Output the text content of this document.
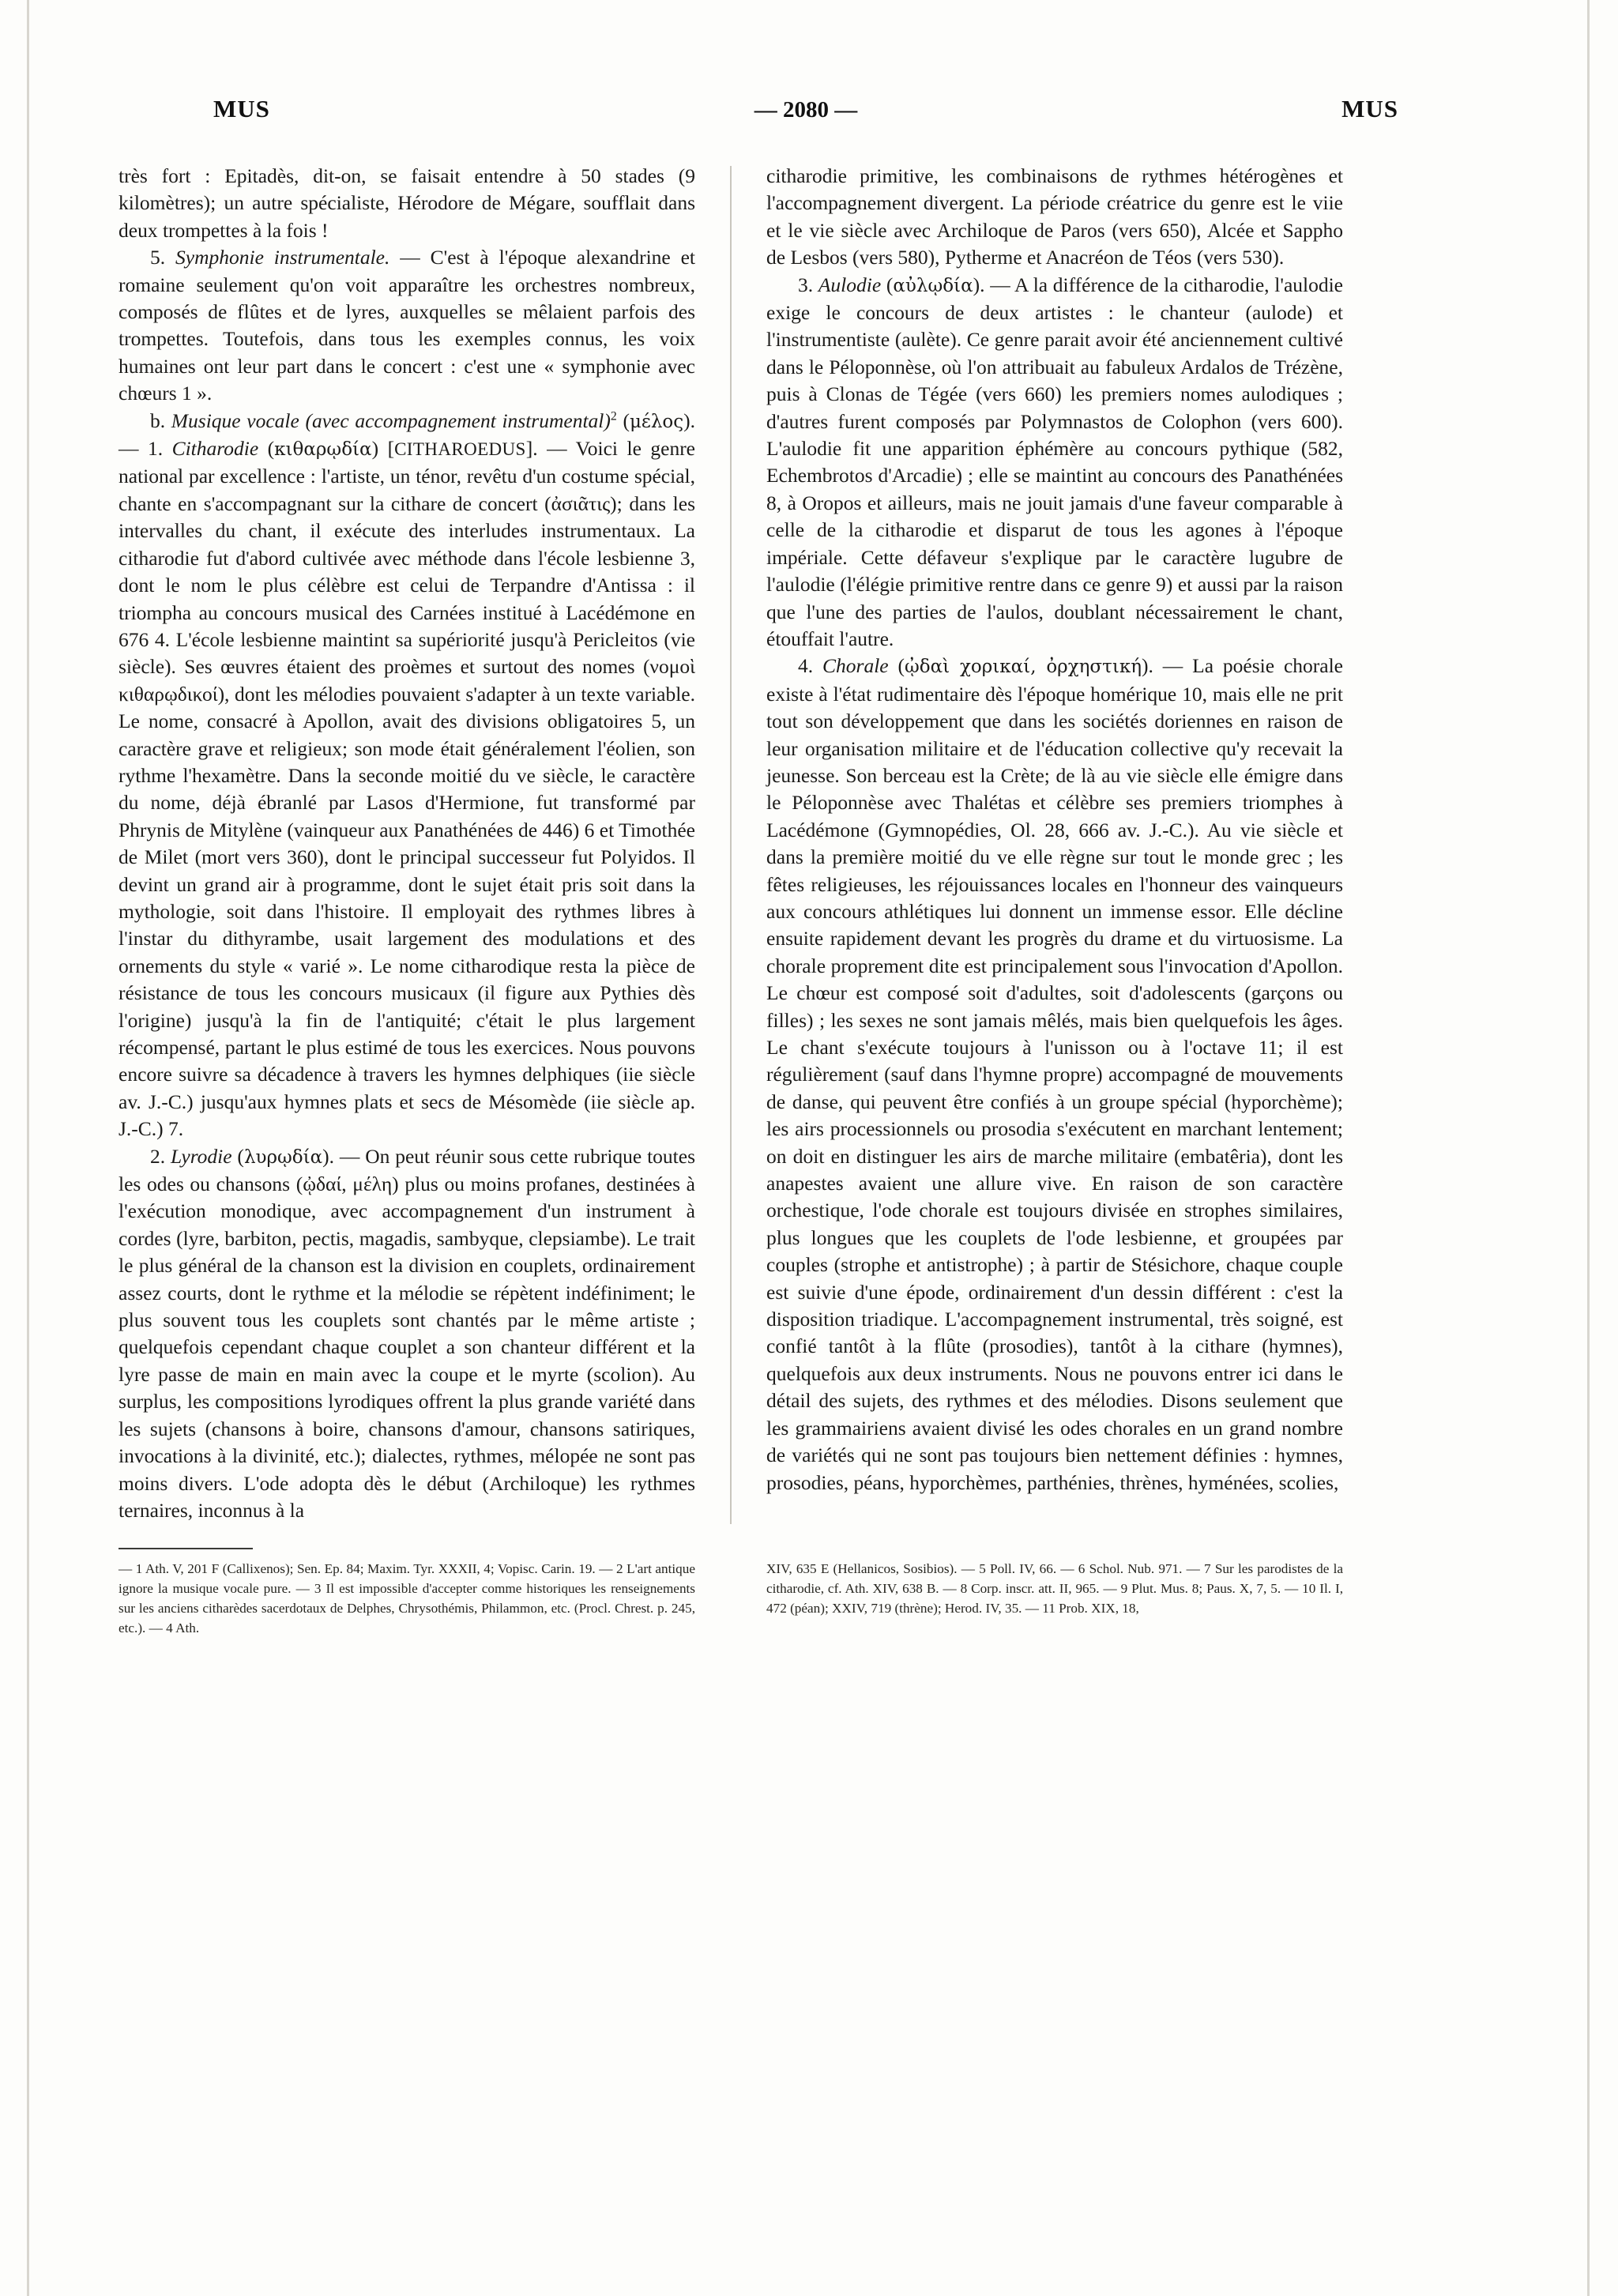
MUS	— 2080 —	MUS

très fort : Epitadès, dit-on, se faisait entendre à 50 stades (9 kilomètres); un autre spécialiste, Hérodore de Mégare, soufflait dans deux trompettes à la fois !

5. Symphonie instrumentale. — C'est à l'époque alexandrine et romaine seulement qu'on voit apparaître les orchestres nombreux, composés de flûtes et de lyres, auxquelles se mêlaient parfois des trompettes. Toutefois, dans tous les exemples connus, les voix humaines ont leur part dans le concert : c'est une « symphonie avec chœurs 1 ».

b. Musique vocale (avec accompagnement instrumental)$^2$ (μέλος). — 1. Citharodie (κιθαρῳδία) [CITHAROEDUS]. — Voici le genre national par excellence : l'artiste, un ténor, revêtu d'un costume spécial, chante en s'accompagnant sur la cithare de concert (ἀσιᾶτις); dans les intervalles du chant, il exécute des interludes instrumentaux. La citharodie fut d'abord cultivée avec méthode dans l'école lesbienne 3, dont le nom le plus célèbre est celui de Terpandre d'Antissa : il triompha au concours musical des Carnées institué à Lacédémone en 676 4. L'école lesbienne maintint sa supériorité jusqu'à Pericleitos (vie siècle). Ses œuvres étaient des proèmes et surtout des nomes (νομοὶ κιθαρῳδικοί), dont les mélodies pouvaient s'adapter à un texte variable. Le nome, consacré à Apollon, avait des divisions obligatoires 5, un caractère grave et religieux; son mode était généralement l'éolien, son rythme l'hexamètre. Dans la seconde moitié du ve siècle, le caractère du nome, déjà ébranlé par Lasos d'Hermione, fut transformé par Phrynis de Mitylène (vainqueur aux Panathénées de 446) 6 et Timothée de Milet (mort vers 360), dont le principal successeur fut Polyidos. Il devint un grand air à programme, dont le sujet était pris soit dans la mythologie, soit dans l'histoire. Il employait des rythmes libres à l'instar du dithyrambe, usait largement des modulations et des ornements du style « varié ». Le nome citharodique resta la pièce de résistance de tous les concours musicaux (il figure aux Pythies dès l'origine) jusqu'à la fin de l'antiquité; c'était le plus largement récompensé, partant le plus estimé de tous les exercices. Nous pouvons encore suivre sa décadence à travers les hymnes delphiques (iie siècle av. J.-C.) jusqu'aux hymnes plats et secs de Mésomède (iie siècle ap. J.-C.) 7.

2. Lyrodie (λυρῳδία). — On peut réunir sous cette rubrique toutes les odes ou chansons (ᾠδαί, μέλη) plus ou moins profanes, destinées à l'exécution monodique, avec accompagnement d'un instrument à cordes (lyre, barbiton, pectis, magadis, sambyque, clepsiambe). Le trait le plus général de la chanson est la division en couplets, ordinairement assez courts, dont le rythme et la mélodie se répètent indéfiniment; le plus souvent tous les couplets sont chantés par le même artiste ; quelquefois cependant chaque couplet a son chanteur différent et la lyre passe de main en main avec la coupe et le myrte (scolion). Au surplus, les compositions lyrodiques offrent la plus grande variété dans les sujets (chansons à boire, chansons d'amour, chansons satiriques, invocations à la divinité, etc.); dialectes, rythmes, mélopée ne sont pas moins divers. L'ode adopta dès le début (Archiloque) les rythmes ternaires, inconnus à la

citharodie primitive, les combinaisons de rythmes hétérogènes et l'accompagnement divergent. La période créatrice du genre est le viie et le vie siècle avec Archiloque de Paros (vers 650), Alcée et Sappho de Lesbos (vers 580), Pytherme et Anacréon de Téos (vers 530).

3. Aulodie (αὐλῳδία). — A la différence de la citharodie, l'aulodie exige le concours de deux artistes : le chanteur (aulode) et l'instrumentiste (aulète). Ce genre parait avoir été anciennement cultivé dans le Péloponnèse, où l'on attribuait au fabuleux Ardalos de Trézène, puis à Clonas de Tégée (vers 660) les premiers nomes aulodiques ; d'autres furent composés par Polymnastos de Colophon (vers 600). L'aulodie fit une apparition éphémère au concours pythique (582, Echembrotos d'Arcadie) ; elle se maintint au concours des Panathénées 8, à Oropos et ailleurs, mais ne jouit jamais d'une faveur comparable à celle de la citharodie et disparut de tous les agones à l'époque impériale. Cette défaveur s'explique par le caractère lugubre de l'aulodie (l'élégie primitive rentre dans ce genre 9) et aussi par la raison que l'une des parties de l'aulos, doublant nécessairement le chant, étouffait l'autre.

4. Chorale (ᾠδαὶ χορικαί, ὀρχηστική). — La poésie chorale existe à l'état rudimentaire dès l'époque homérique 10, mais elle ne prit tout son développement que dans les sociétés doriennes en raison de leur organisation militaire et de l'éducation collective qu'y recevait la jeunesse. Son berceau est la Crète; de là au vie siècle elle émigre dans le Péloponnèse avec Thalétas et célèbre ses premiers triomphes à Lacédémone (Gymnopédies, Ol. 28, 666 av. J.-C.). Au vie siècle et dans la première moitié du ve elle règne sur tout le monde grec ; les fêtes religieuses, les réjouissances locales en l'honneur des vainqueurs aux concours athlétiques lui donnent un immense essor. Elle décline ensuite rapidement devant les progrès du drame et du virtuosisme. La chorale proprement dite est principalement sous l'invocation d'Apollon. Le chœur est composé soit d'adultes, soit d'adolescents (garçons ou filles) ; les sexes ne sont jamais mêlés, mais bien quelquefois les âges. Le chant s'exécute toujours à l'unisson ou à l'octave 11; il est régulièrement (sauf dans l'hymne propre) accompagné de mouvements de danse, qui peuvent être confiés à un groupe spécial (hyporchème); les airs processionnels ou prosodia s'exécutent en marchant lentement; on doit en distinguer les airs de marche militaire (embatêria), dont les anapestes avaient une allure vive. En raison de son caractère orchestique, l'ode chorale est toujours divisée en strophes similaires, plus longues que les couplets de l'ode lesbienne, et groupées par couples (strophe et antistrophe) ; à partir de Stésichore, chaque couple est suivie d'une épode, ordinairement d'un dessin différent : c'est la disposition triadique. L'accompagnement instrumental, très soigné, est confié tantôt à la flûte (prosodies), tantôt à la cithare (hymnes), quelquefois aux deux instruments. Nous ne pouvons entrer ici dans le détail des sujets, des rythmes et des mélodies. Disons seulement que les grammairiens avaient divisé les odes chorales en un grand nombre de variétés qui ne sont pas toujours bien nettement définies : hymnes, prosodies, péans, hyporchèmes, parthénies, thrènes, hyménées, scolies,

— 1 Ath. V, 201 F (Callixenos); Sen. Ep. 84; Maxim. Tyr. XXXII, 4; Vopisc. Carin. 19. — 2 L'art antique ignore la musique vocale pure. — 3 Il est impossible d'accepter comme historiques les renseignements sur les anciens citharèdes sacerdotaux de Delphes, Chrysothémis, Philammon, etc. (Procl. Chrest. p. 245, etc.). — 4 Ath.

XIV, 635 E (Hellanicos, Sosibios). — 5 Poll. IV, 66. — 6 Schol. Nub. 971. — 7 Sur les parodistes de la citharodie, cf. Ath. XIV, 638 B. — 8 Corp. inscr. att. II, 965. — 9 Plut. Mus. 8; Paus. X, 7, 5. — 10 Il. I, 472 (péan); XXIV, 719 (thrène); Herod. IV, 35. — 11 Prob. XIX, 18,
